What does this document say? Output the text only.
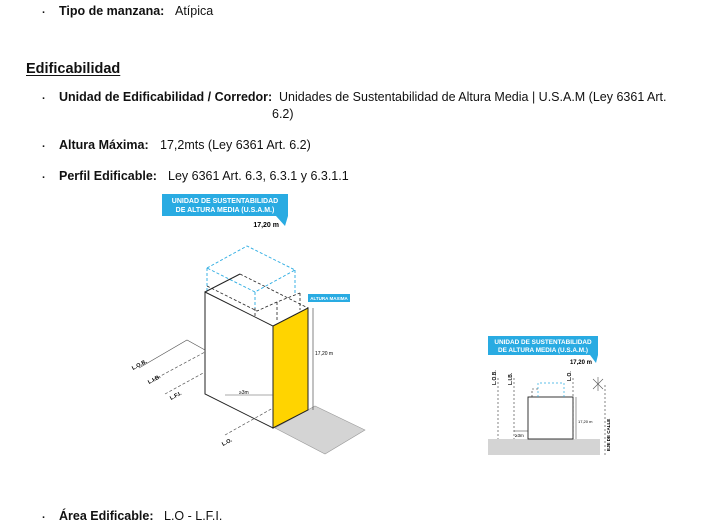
. Tipo de manzana: Atípica
Edificabilidad
. Unidad de Edificabilidad / Corredor: Unidades de Sustentabilidad de Altura Media | U.S.A.M (Ley 6361 Art.
6.2)
. Altura Máxima: 17,2mts (Ley 6361 Art. 6.2)
. Perfil Edificable: Ley 6361 Art. 6.3, 6.3.1 y 6.3.1.1
UNIDAD DE SUSTENTABILIDAD
DE ALTURA MEDIA (U.S.A.M.)
17,20 m
ALTURA MAXIMA
17,20 m
≥3m
L.O.B.
L.I.B.
L.F.I.
L.O.
UNIDAD DE SUSTENTABILIDAD
DE ALTURA MEDIA (U.S.A.M.)
17,20 m
L.O.B. L.I.B.	L.O.
17,20 m
≥3m	EJE DE CALLE
. Área Edificable: L.O - L.F.I.
